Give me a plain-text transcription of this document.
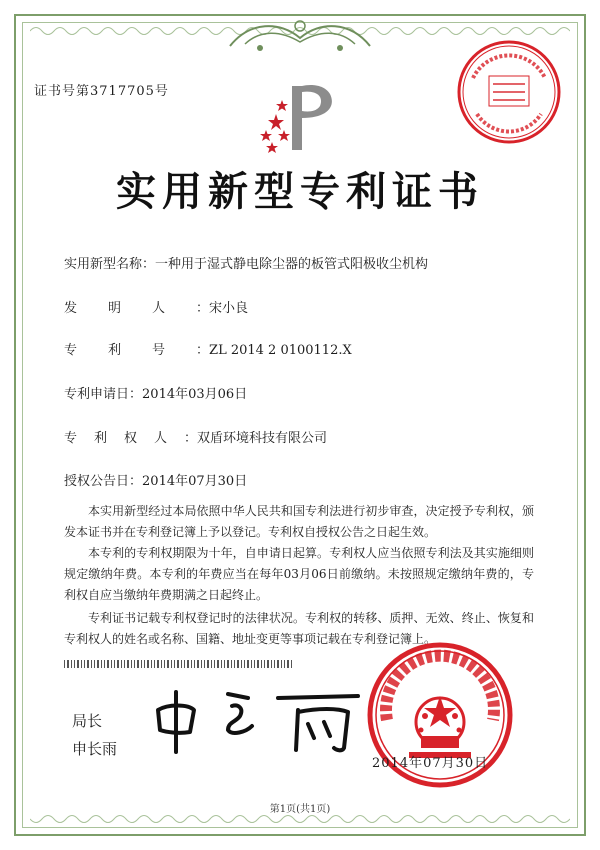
证书号第3717705号
实用新型专利证书
实用新型名称：一种用于湿式静电除尘器的板管式阳极收尘机构
发明人：宋小良
专利号：ZL 2014 2 0100112.X
专利申请日：2014年03月06日
专利权人：双盾环境科技有限公司
授权公告日：2014年07月30日
本实用新型经过本局依照中华人民共和国专利法进行初步审查，决定授予专利权，颁发本证书并在专利登记簿上予以登记。专利权自授权公告之日起生效。
本专利的专利权期限为十年，自申请日起算。专利权人应当依照专利法及其实施细则规定缴纳年费。本专利的年费应当在每年03月06日前缴纳。未按照规定缴纳年费的，专利权自应当缴纳年费期满之日起终止。
专利证书记载专利权登记时的法律状况。专利权的转移、质押、无效、终止、恢复和专利权人的姓名或名称、国籍、地址变更等事项记载在专利登记簿上。
局长
申长雨
2014年07月30日
第1页(共1页)
